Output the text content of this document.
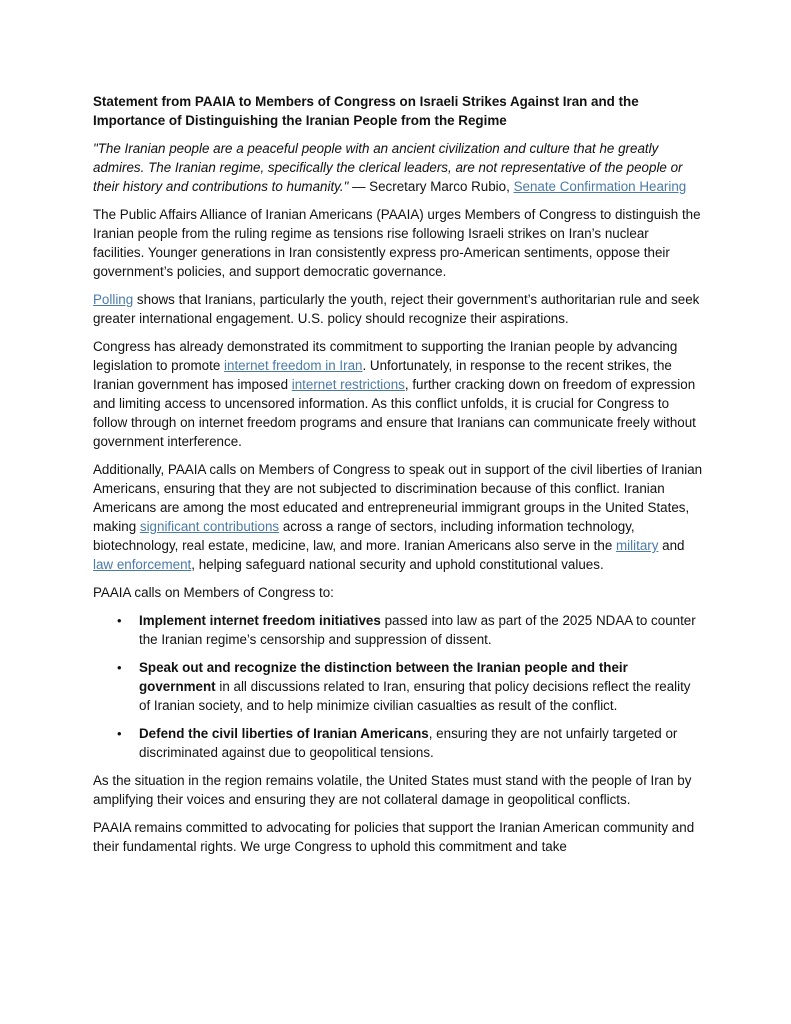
Statement from PAAIA to Members of Congress on Israeli Strikes Against Iran and the Importance of Distinguishing the Iranian People from the Regime

"The Iranian people are a peaceful people with an ancient civilization and culture that he greatly admires. The Iranian regime, specifically the clerical leaders, are not representative of the people or their history and contributions to humanity." — Secretary Marco Rubio, Senate Confirmation Hearing

The Public Affairs Alliance of Iranian Americans (PAAIA) urges Members of Congress to distinguish the Iranian people from the ruling regime as tensions rise following Israeli strikes on Iran’s nuclear facilities. Younger generations in Iran consistently express pro-American sentiments, oppose their government’s policies, and support democratic governance.

Polling shows that Iranians, particularly the youth, reject their government’s authoritarian rule and seek greater international engagement. U.S. policy should recognize their aspirations.

Congress has already demonstrated its commitment to supporting the Iranian people by advancing legislation to promote internet freedom in Iran. Unfortunately, in response to the recent strikes, the Iranian government has imposed internet restrictions, further cracking down on freedom of expression and limiting access to uncensored information. As this conflict unfolds, it is crucial for Congress to follow through on internet freedom programs and ensure that Iranians can communicate freely without government interference.

Additionally, PAAIA calls on Members of Congress to speak out in support of the civil liberties of Iranian Americans, ensuring that they are not subjected to discrimination because of this conflict. Iranian Americans are among the most educated and entrepreneurial immigrant groups in the United States, making significant contributions across a range of sectors, including information technology, biotechnology, real estate, medicine, law, and more. Iranian Americans also serve in the military and law enforcement, helping safeguard national security and uphold constitutional values.

PAAIA calls on Members of Congress to:

• Implement internet freedom initiatives passed into law as part of the 2025 NDAA to counter the Iranian regime’s censorship and suppression of dissent.
• Speak out and recognize the distinction between the Iranian people and their government in all discussions related to Iran, ensuring that policy decisions reflect the reality of Iranian society, and to help minimize civilian casualties as result of the conflict.
• Defend the civil liberties of Iranian Americans, ensuring they are not unfairly targeted or discriminated against due to geopolitical tensions.

As the situation in the region remains volatile, the United States must stand with the people of Iran by amplifying their voices and ensuring they are not collateral damage in geopolitical conflicts.

PAAIA remains committed to advocating for policies that support the Iranian American community and their fundamental rights. We urge Congress to uphold this commitment and take
